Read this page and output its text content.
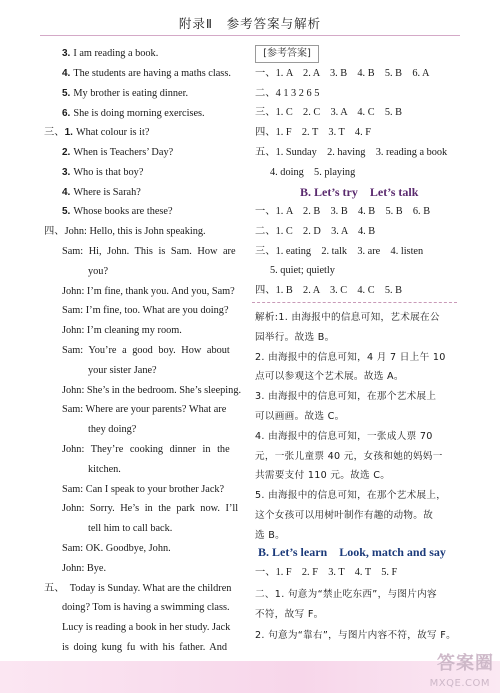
附录Ⅱ　参考答案与解析
3. I am reading a book.
4. The students are having a maths class.
5. My brother is eating dinner.
6. She is doing morning exercises.
三、1. What colour is it?
2. When is Teachers’ Day?
3. Who is that boy?
4. Where is Sarah?
5. Whose books are these?
四、John: Hello, this is John speaking.
Sam: Hi, John. This is Sam. How are
you?
John: I’m fine, thank you. And you, Sam?
Sam: I’m fine, too. What are you doing?
John: I’m cleaning my room.
Sam: You’re a good boy. How about
your sister Jane?
John: She’s in the bedroom. She’s sleeping.
Sam: Where are your parents? What are
they doing?
John: They’re cooking dinner in the
kitchen.
Sam: Can I speak to your brother Jack?
John: Sorry. He’s in the park now. I’ll
tell him to call back.
Sam: OK. Goodbye, John.
John: Bye.
五、　Today is Sunday. What are the children
doing? Tom is having a swimming class.
Lucy is reading a book in her study. Jack
is doing kung fu with his father. And
[参考答案]
一、1. A　2. A　3. B　4. B　5. B　6. A
二、4 1 3 2 6 5
三、1. C　2. C　3. A　4. C　5. B
四、1. F　2. T　3. T　4. F
五、1. Sunday　2. having　3. reading a book
4. doing　5. playing
B. Let’s try　Let’s talk
一、1. A　2. B　3. B　4. B　5. B　6. B
二、1. C　2. D　3. A　4. B
三、1. eating　2. talk　3. are　4. listen
5. quiet; quietly
四、1. B　2. A　3. C　4. C　5. B
解析:1. 由海报中的信息可知，艺术展在公
园举行。故选 B。
2. 由海报中的信息可知，4 月 7 日上午 10
点可以参观这个艺术展。故选 A。
3. 由海报中的信息可知，在那个艺术展上
可以画画。故选 C。
4. 由海报中的信息可知，一张成人票 70
元，一张儿童票 40 元，女孩和她的妈妈一
共需要支付 110 元。故选 C。
5. 由海报中的信息可知，在那个艺术展上，
这个女孩可以用树叶制作有趣的动物。故
选 B。
B. Let’s learn　Look, match and say
一、1. F　2. F　3. T　4. T　5. F
二、1. 句意为“禁止吃东西”，与图片内容
不符，故写 F。
2. 句意为“靠右”，与图片内容不符，故写 F。
答案圈
MXQE.COM
